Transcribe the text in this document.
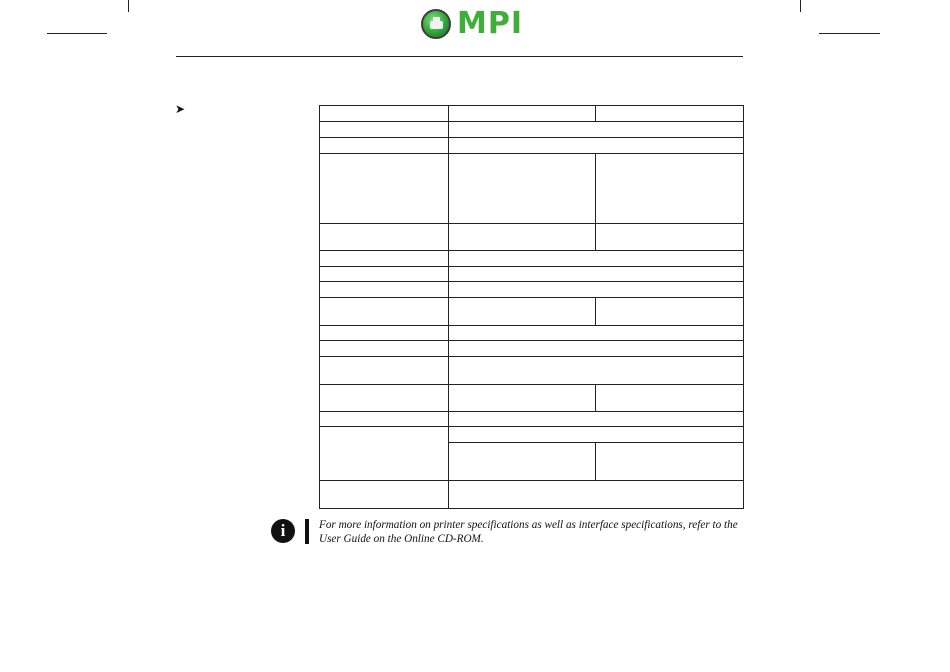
MPI
➤

i	For more information on printer specifications as well as interface specifications, refer to the User Guide on the Online CD-ROM.
